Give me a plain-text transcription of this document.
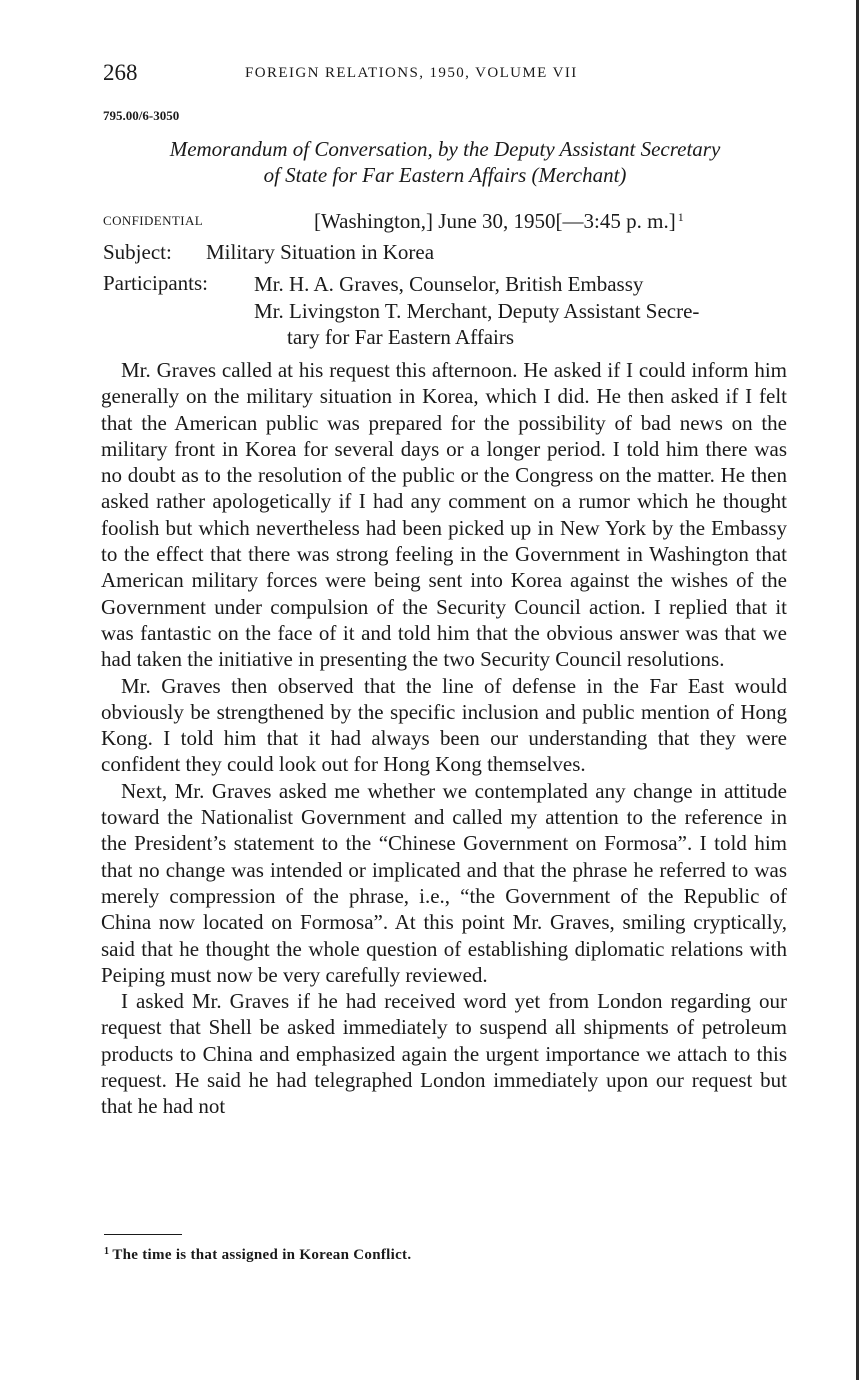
268	FOREIGN RELATIONS, 1950, VOLUME VII
795.00/6-3050
Memorandum of Conversation, by the Deputy Assistant Secretary
of State for Far Eastern Affairs (Merchant)
CONFIDENTIAL	[Washington,] June 30, 1950[—3:45 p. m.] $^1$
Subject: Military Situation in Korea
Participants: Mr. H. A. Graves, Counselor, British Embassy
Mr. Livingston T. Merchant, Deputy Assistant Secre-
tary for Far Eastern Affairs

Mr. Graves called at his request this afternoon. He asked if I could inform him generally on the military situation in Korea, which I did. He then asked if I felt that the American public was prepared for the possibility of bad news on the military front in Korea for several days or a longer period. I told him there was no doubt as to the resolution of the public or the Congress on the matter. He then asked rather apologetically if I had any comment on a rumor which he thought foolish but which nevertheless had been picked up in New York by the Embassy to the effect that there was strong feeling in the Government in Washington that American military forces were being sent into Korea against the wishes of the Government under compulsion of the Security Council action. I replied that it was fantastic on the face of it and told him that the obvious answer was that we had taken the initiative in presenting the two Security Council resolutions.

Mr. Graves then observed that the line of defense in the Far East would obviously be strengthened by the specific inclusion and public mention of Hong Kong. I told him that it had always been our understanding that they were confident they could look out for Hong Kong themselves.

Next, Mr. Graves asked me whether we contemplated any change in attitude toward the Nationalist Government and called my attention to the reference in the President’s statement to the “Chinese Government on Formosa”. I told him that no change was intended or implicated and that the phrase he referred to was merely compression of the phrase, i.e., “the Government of the Republic of China now located on Formosa”. At this point Mr. Graves, smiling cryptically, said that he thought the whole question of establishing diplomatic relations with Peiping must now be very carefully reviewed.

I asked Mr. Graves if he had received word yet from London regarding our request that Shell be asked immediately to suspend all shipments of petroleum products to China and emphasized again the urgent importance we attach to this request. He said he had telegraphed London immediately upon our request but that he had not

$^1$ The time is that assigned in Korean Conflict.
